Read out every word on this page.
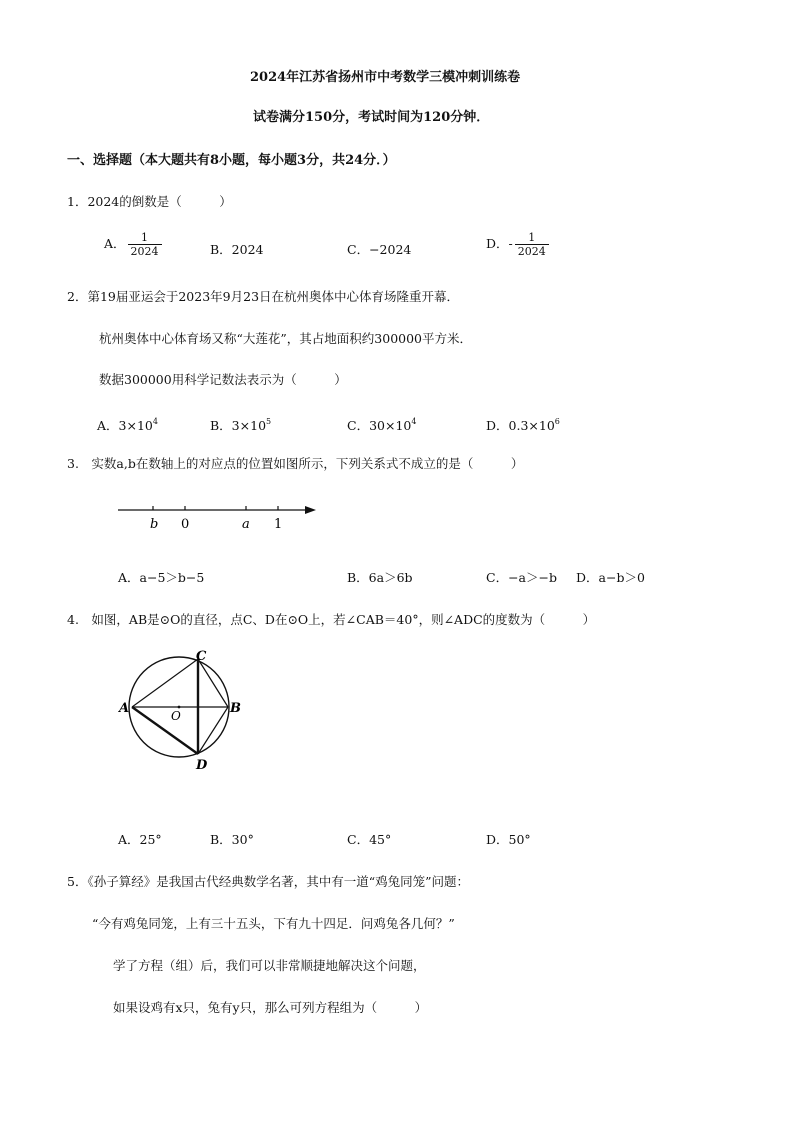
2024年江苏省扬州市中考数学三模冲刺训练卷
试卷满分150分，考试时间为120分钟．
一、选择题（本大题共有8小题，每小题3分，共24分．）
1．2024的倒数是（　　　）
A． $\frac{1}{2024}$	B．2024	C．−2024	D．- $\frac{1}{2024}$
2．第19届亚运会于2023年9月23日在杭州奥体中心体育场隆重开幕．
杭州奥体中心体育场又称“大莲花”，其占地面积约300000平方米．
数据300000用科学记数法表示为（　　　）
A．$3\times 10^4$	B．$3\times 10^5$	C．$30\times 10^4$	D．$0.3\times 10^6$
3.　实数a,b在数轴上的对应点的位置如图所示，下列关系式不成立的是（　　　）
b 0	a 1
A．a−5＞b−5	B．6a＞6b	C．−a＞−b D．a−b＞0
4.　如图，AB是⊙O的直径，点C、D在⊙O上，若∠CAB＝40°，则∠ADC的度数为（　　　）
A	B
C
D
O
A．25°	B．30°	C．45°	D．50°
5．《孙子算经》是我国古代经典数学名著，其中有一道“鸡兔同笼”问题：
“今有鸡兔同笼，上有三十五头，下有九十四足．问鸡兔各几何？”
学了方程（组）后，我们可以非常顺捷地解决这个问题，
如果设鸡有x只，兔有y只，那么可列方程组为（　　　）
